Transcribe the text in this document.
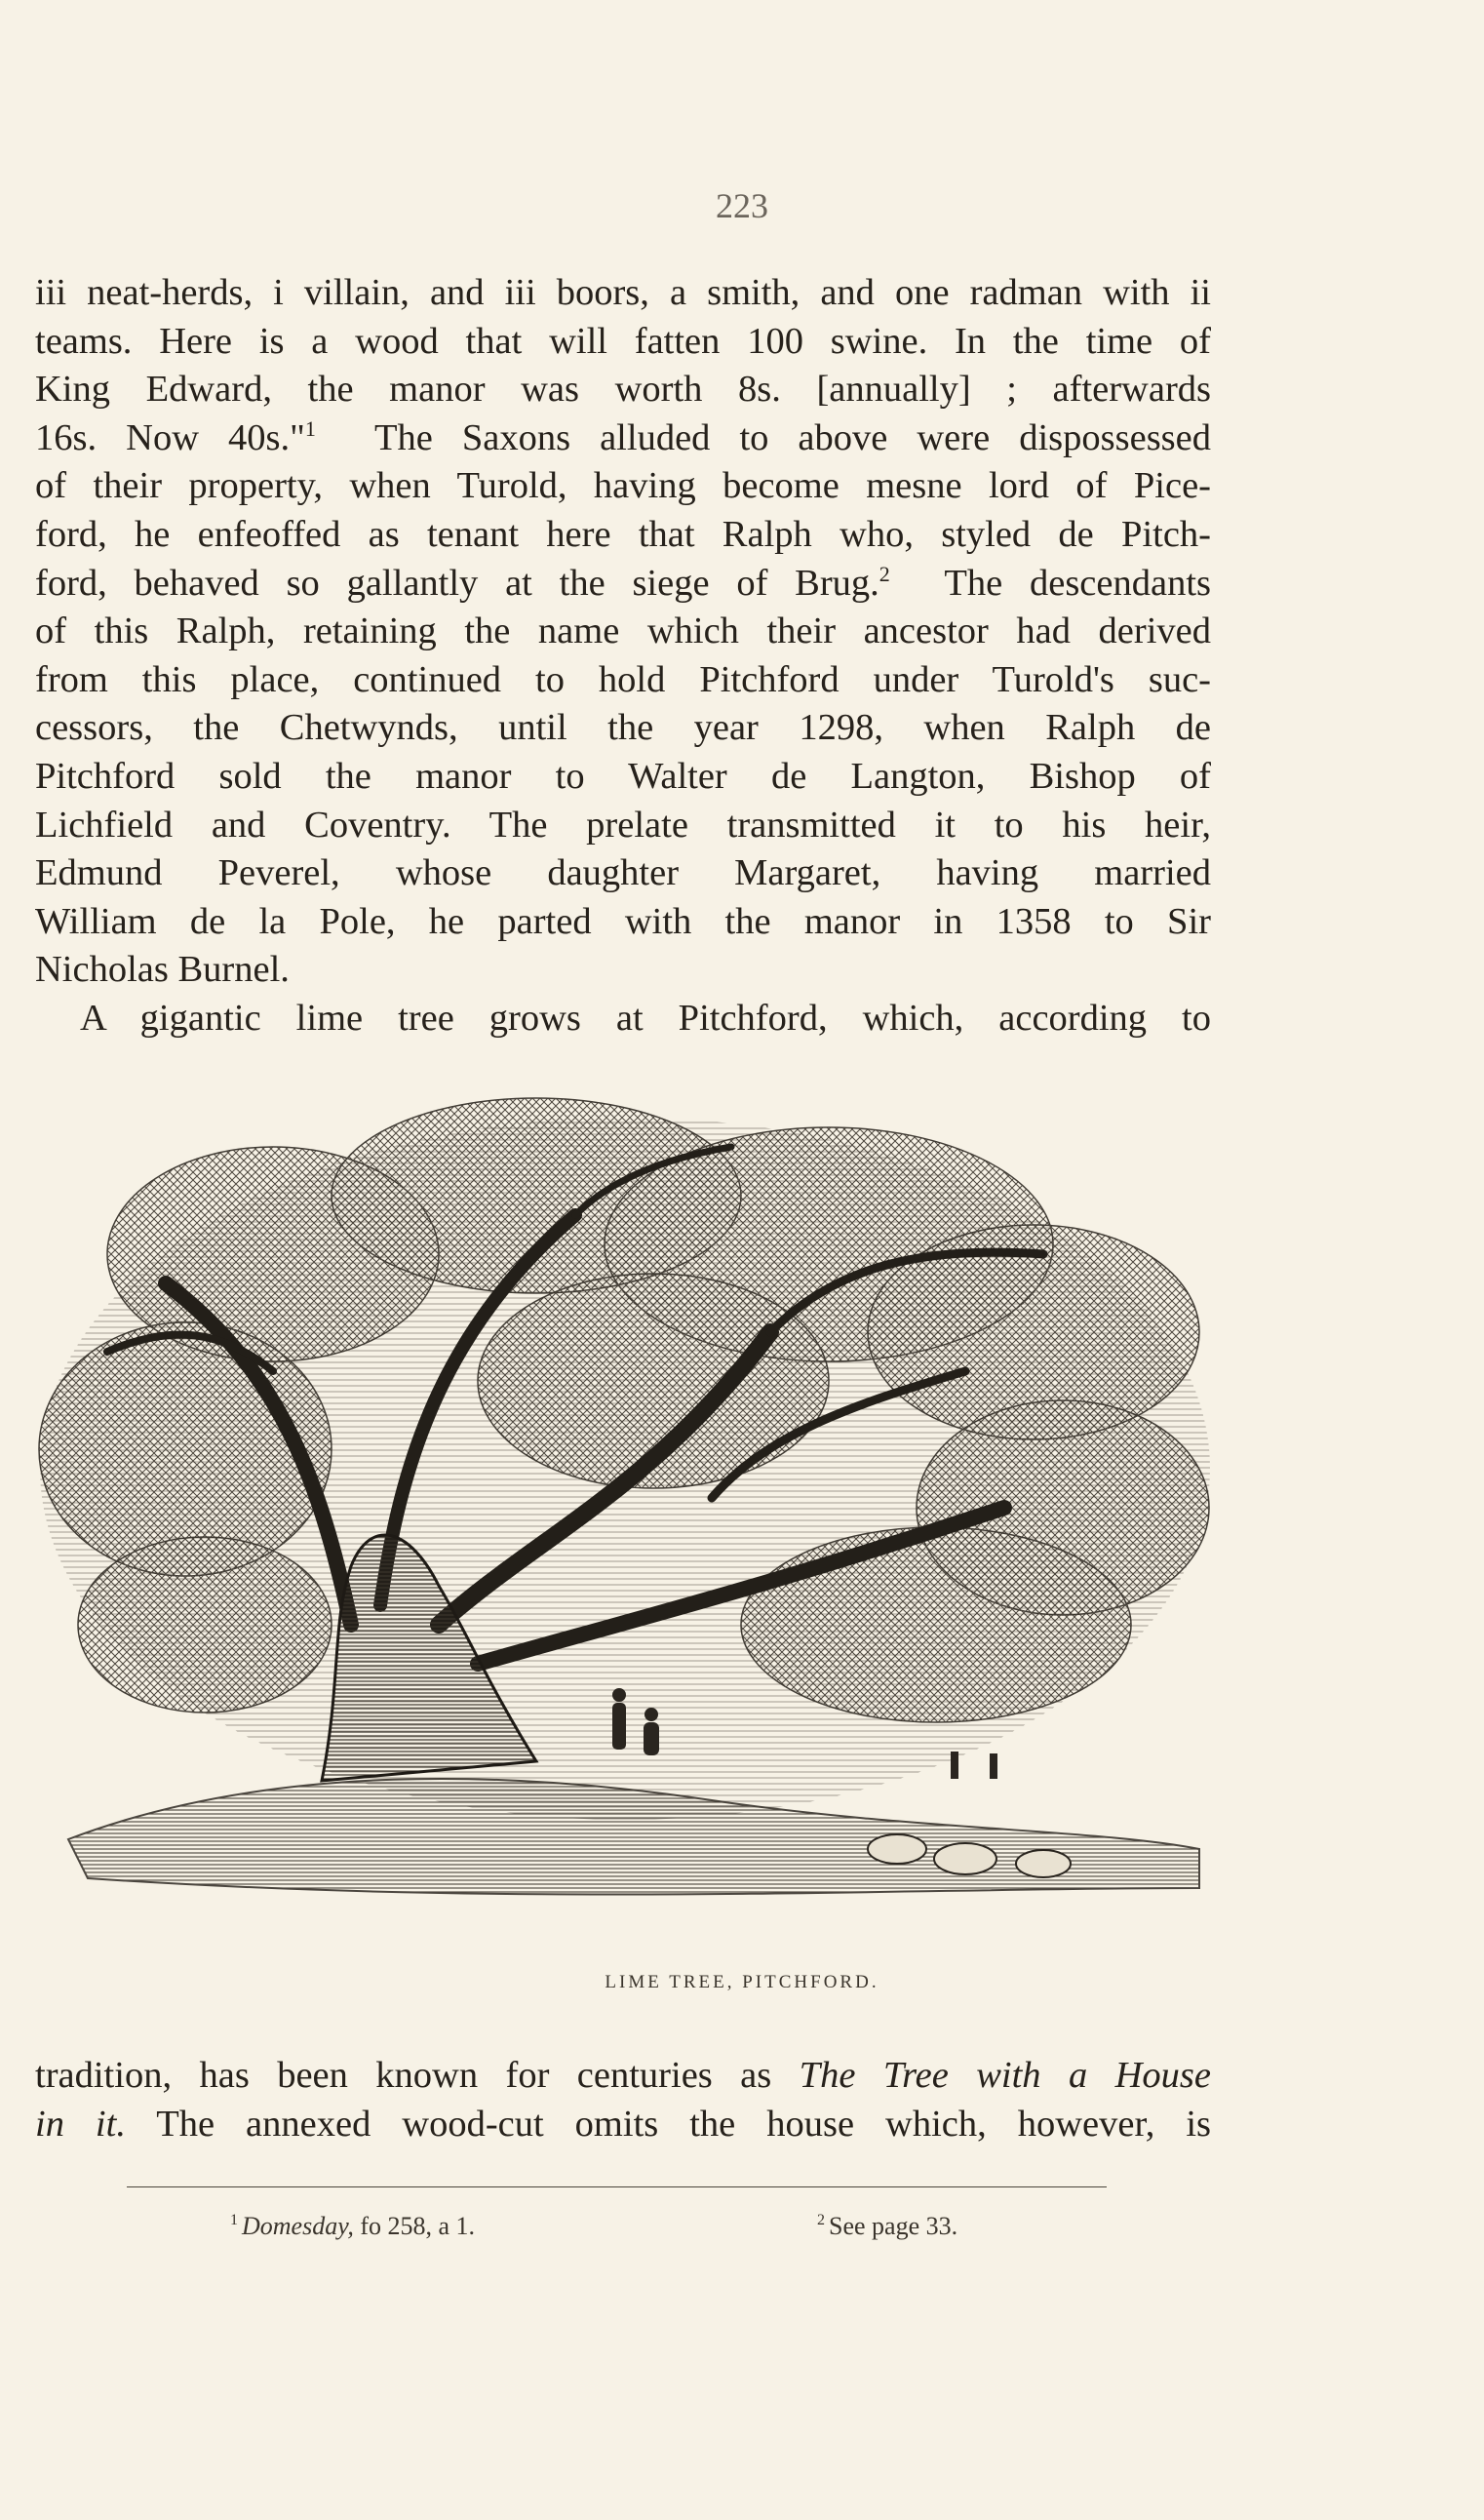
223
iii neat-herds, i villain, and iii boors, a smith, and one radman with ii
teams. Here is a wood that will fatten 100 swine. In the time of
King Edward, the manor was worth 8s. [annually] ; afterwards
16s. Now 40s."$^1$ The Saxons alluded to above were dispossessed
of their property, when Turold, having become mesne lord of Pice-
ford, he enfeoffed as tenant here that Ralph who, styled de Pitch-
ford, behaved so gallantly at the siege of Brug.$^2$ The descendants
of this Ralph, retaining the name which their ancestor had derived
from this place, continued to hold Pitchford under Turold's suc-
cessors, the Chetwynds, until the year 1298, when Ralph de
Pitchford sold the manor to Walter de Langton, Bishop of
Lichfield and Coventry. The prelate transmitted it to his heir,
Edmund Peverel, whose daughter Margaret, having married
William de la Pole, he parted with the manor in 1358 to Sir
Nicholas Burnel.
A gigantic lime tree grows at Pitchford, which, according to
LIME TREE, PITCHFORD.
tradition, has been known for centuries as The Tree with a House
in it. The annexed wood-cut omits the house which, however, is
$^1$ Domesday, fo 258, a 1.	$^2$ See page 33.
